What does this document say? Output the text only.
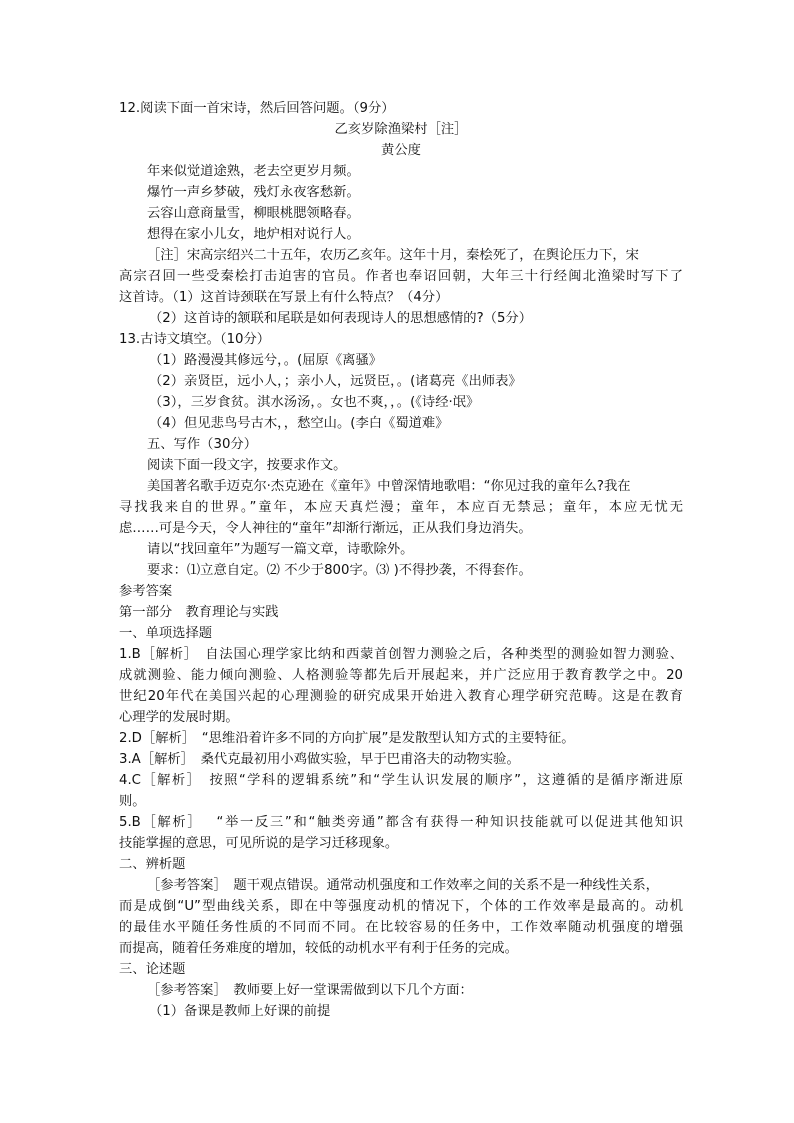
12.阅读下面一首宋诗，然后回答问题。（9分）
乙亥岁除渔梁村［注］
黄公度
年来似觉道途熟，老去空更岁月频。
爆竹一声乡梦破，残灯永夜客愁新。
云容山意商量雪，柳眼桃腮领略春。
想得在家小儿女，地炉相对说行人。
［注］宋高宗绍兴二十五年，农历乙亥年。这年十月，秦桧死了，在舆论压力下，宋
高宗召回一些受秦桧打击迫害的官员。作者也奉诏回朝，大年三十行经闽北渔梁时写下了
这首诗。（1）这首诗颈联在写景上有什么特点？（4分）
（2）这首诗的颔联和尾联是如何表现诗人的思想感情的?（5分）
13.古诗文填空。（10分）
（1）路漫漫其修远兮，。(屈原《离骚》
（2）亲贤臣，远小人，；亲小人，远贤臣，。(诸葛亮《出师表》
（3），三岁食贫。淇水汤汤，。女也不爽，，。(《诗经·氓》
（4）但见悲鸟号古木，，愁空山。(李白《蜀道难》
五、写作（30分）
阅读下面一段文字，按要求作文。
美国著名歌手迈克尔·杰克逊在《童年》中曾深情地歌唱：“你见过我的童年么?我在
寻找我来自的世界。”童年，本应天真烂漫；童年，本应百无禁忌；童年，本应无忧无
虑……可是今天，令人神往的“童年”却渐行渐远，正从我们身边消失。
请以“找回童年”为题写一篇文章，诗歌除外。
要求：⑴立意自定。⑵ 不少于800字。⑶ )不得抄袭，不得套作。
参考答案
第一部分　教育理论与实践
一、单项选择题
1.B［解析］　自法国心理学家比纳和西蒙首创智力测验之后，各种类型的测验如智力测验、
成就测验、能力倾向测验、人格测验等都先后开展起来，并广泛应用于教育教学之中。20
世纪20年代在美国兴起的心理测验的研究成果开始进入教育心理学研究范畴。这是在教育
心理学的发展时期。
2.D［解析］　“思维沿着许多不同的方向扩展”是发散型认知方式的主要特征。
3.A［解析］　桑代克最初用小鸡做实验，早于巴甫洛夫的动物实验。
4.C［解析］　按照“学科的逻辑系统”和“学生认识发展的顺序”，这遵循的是循序渐进原
则。
5.B［解析］　 “举一反三”和“触类旁通”都含有获得一种知识技能就可以促进其他知识
技能掌握的意思，可见所说的是学习迁移现象。
二、辨析题
［参考答案］　题干观点错误。通常动机强度和工作效率之间的关系不是一种线性关系，
而是成倒“U”型曲线关系，即在中等强度动机的情况下，个体的工作效率是最高的。动机
的最佳水平随任务性质的不同而不同。在比较容易的任务中，工作效率随动机强度的增强
而提高，随着任务难度的增加，较低的动机水平有利于任务的完成。
三、论述题
［参考答案］　教师要上好一堂课需做到以下几个方面：
（1）备课是教师上好课的前提
